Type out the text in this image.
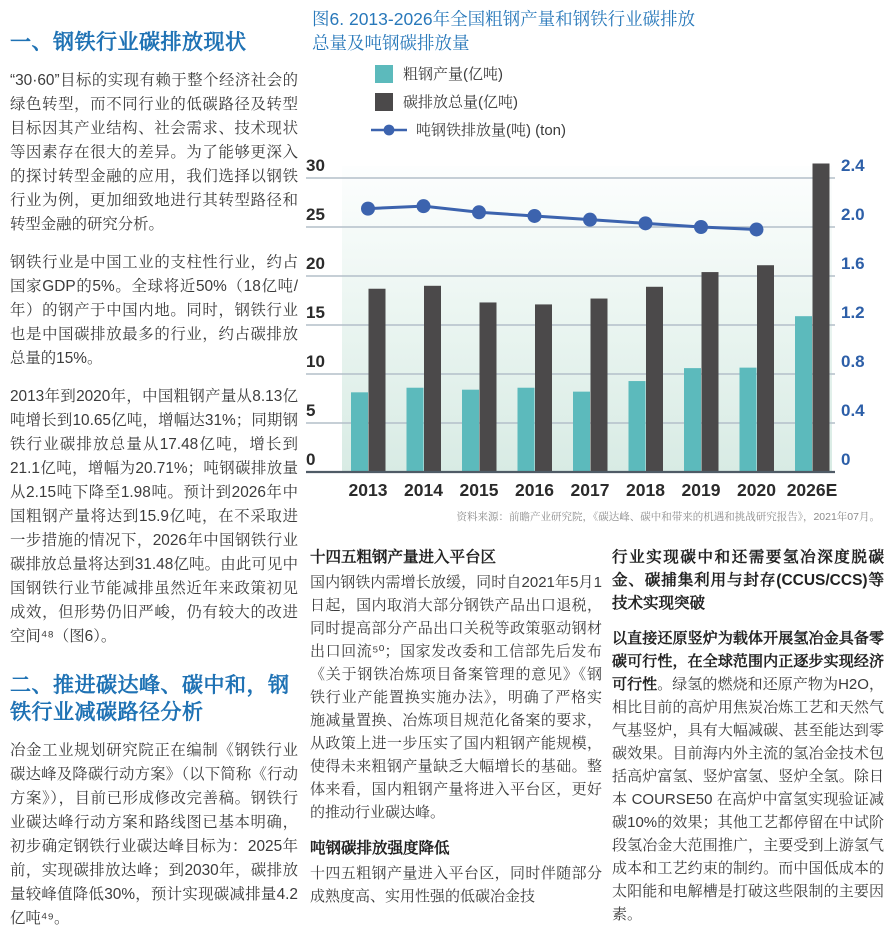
一、钢铁行业碳排放现状

“30·60”目标的实现有赖于整个经济社会的绿色转型，而不同行业的低碳路径及转型目标因其产业结构、社会需求、技术现状等因素存在很大的差异。为了能够更深入的探讨转型金融的应用，我们选择以钢铁行业为例，更加细致地进行其转型路径和转型金融的研究分析。

钢铁行业是中国工业的支柱性行业，约占国家GDP的5%。全球将近50%（18亿吨/年）的钢产于中国内地。同时，钢铁行业也是中国碳排放最多的行业，约占碳排放总量的15%。

2013年到2020年，中国粗钢产量从8.13亿吨增长到10.65亿吨，增幅达31%；同期钢铁行业碳排放总量从17.48亿吨，增长到21.1亿吨，增幅为20.71%；吨钢碳排放量从2.15吨下降至1.98吨。预计到2026年中国粗钢产量将达到15.9亿吨，在不采取进一步措施的情况下，2026年中国钢铁行业碳排放总量将达到31.48亿吨。由此可见中国钢铁行业节能减排虽然近年来政策初见成效，但形势仍旧严峻，仍有较大的改进空间⁴⁸（图6）。

二、推进碳达峰、碳中和，钢铁行业减碳路径分析

冶金工业规划研究院正在编制《钢铁行业碳达峰及降碳行动方案》（以下简称《行动方案》），目前已形成修改完善稿。钢铁行业碳达峰行动方案和路线图已基本明确，初步确定钢铁行业碳达峰目标为：2025年前，实现碳排放达峰；到2030年，碳排放量较峰值降低30%，预计实现碳减排量4.2亿吨⁴⁹。

图6. 2013-2026年全国粗钢产量和钢铁行业碳排放
总量及吨钢碳排放量
粗钢产量(亿吨)
碳排放总量(亿吨)
吨钢铁排放量(吨) (ton)
0	0
5	0.4
10	0.8
15	1.2
20	1.6
25	2.0
30	2.4
2013 2014 2015 2016 2017 2018 2019 2020 2026E
资料来源：前瞻产业研究院，《碳达峰、碳中和带来的机遇和挑战研究报告》，2021年07月。
十四五粗钢产量进入平台区

国内钢铁内需增长放缓，同时自2021年5月1日起，国内取消大部分钢铁产品出口退税，同时提高部分产品出口关税等政策驱动钢材出口回流⁵⁰；国家发改委和工信部先后发布《关于钢铁冶炼项目备案管理的意见》《钢铁行业产能置换实施办法》，明确了严格实施减量置换、冶炼项目规范化备案的要求，从政策上进一步压实了国内粗钢产能规模，使得未来粗钢产量缺乏大幅增长的基础。整体来看，国内粗钢产量将进入平台区，更好的推动行业碳达峰。

吨钢碳排放强度降低

十四五粗钢产量进入平台区，同时伴随部分成熟度高、实用性强的低碳冶金技

行业实现碳中和还需要氢冶深度脱碳金、碳捕集利用与封存(CCUS/CCS)等技术实现突破

以直接还原竖炉为载体开展氢冶金具备零碳可行性，在全球范围内正逐步实现经济可行性。绿氢的燃烧和还原产物为H2O，相比目前的高炉用焦炭冶炼工艺和天然气气基竖炉，具有大幅减碳、甚至能达到零碳效果。目前海内外主流的氢冶金技术包括高炉富氢、竖炉富氢、竖炉全氢。除日本 COURSE50 在高炉中富氢实现验证减碳10%的效果；其他工艺都停留在中试阶段氢冶金大范围推广，主要受到上游氢气成本和工艺约束的制约。而中国低成本的太阳能和电解槽是打破这些限制的主要因素。
